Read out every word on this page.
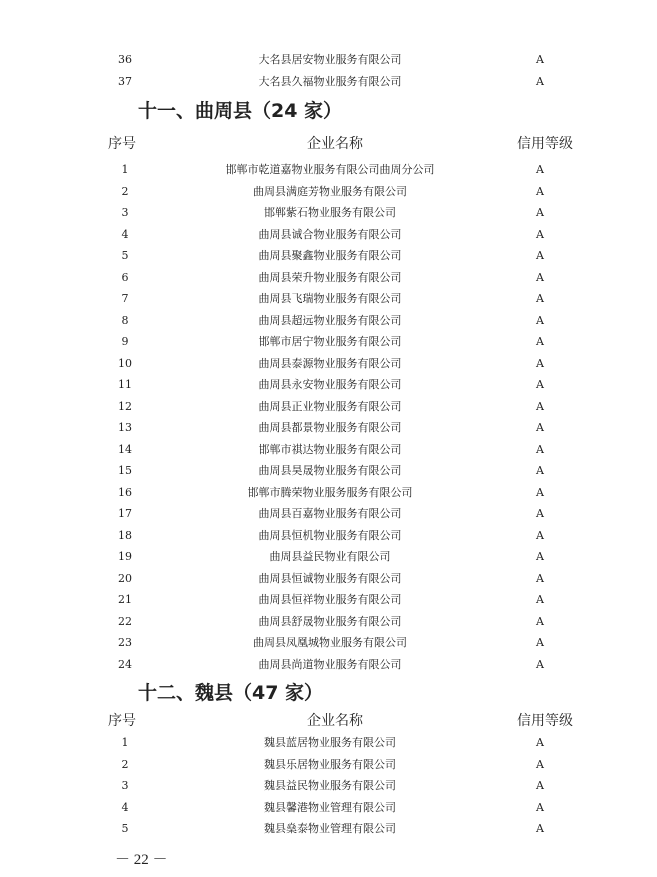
36	大名县居安物业服务有限公司	A
37	大名县久福物业服务有限公司	A
十一、曲周县（24 家）
序号	企业名称	信用等级
1	邯郸市乾道嘉物业服务有限公司曲周分公司	A
2	曲周县满庭芳物业服务有限公司	A
3	邯郸紫石物业服务有限公司	A
4	曲周县诚合物业服务有限公司	A
5	曲周县聚鑫物业服务有限公司	A
6	曲周县荣升物业服务有限公司	A
7	曲周县飞瑞物业服务有限公司	A
8	曲周县超远物业服务有限公司	A
9	邯郸市居宁物业服务有限公司	A
10	曲周县泰源物业服务有限公司	A
11	曲周县永安物业服务有限公司	A
12	曲周县正业物业服务有限公司	A
13	曲周县都景物业服务有限公司	A
14	邯郸市祺达物业服务有限公司	A
15	曲周县昊晟物业服务有限公司	A
16	邯郸市腾荣物业服务服务有限公司	A
17	曲周县百嘉物业服务有限公司	A
18	曲周县恒机物业服务有限公司	A
19	曲周县益民物业有限公司	A
20	曲周县恒诚物业服务有限公司	A
21	曲周县恒祥物业服务有限公司	A
22	曲周县舒晟物业服务有限公司	A
23	曲周县凤凰城物业服务有限公司	A
24	曲周县尚道物业服务有限公司	A
十二、魏县（47 家）
序号	企业名称	信用等级
1	魏县蓝居物业服务有限公司	A
2	魏县乐居物业服务有限公司	A
3	魏县益民物业服务有限公司	A
4	魏县馨港物业管理有限公司	A
5	魏县燊泰物业管理有限公司	A
－ 22 －
